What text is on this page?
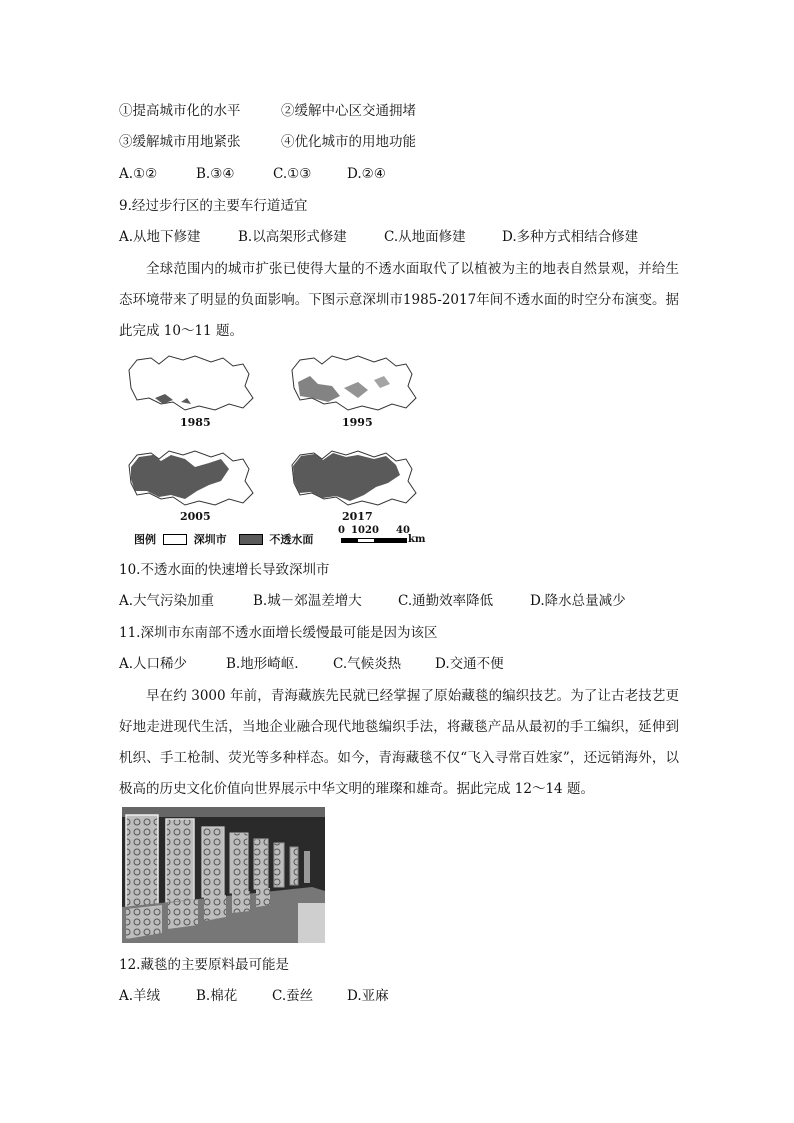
①提高城市化的水平	②缓解中心区交通拥堵
③缓解城市用地紧张	④优化城市的用地功能
A.①②	B.③④	C.①③	D.②④
9.经过步行区的主要车行道适宜
A.从地下修建	B.以高架形式修建	C.从地面修建	D.多种方式相结合修建
全球范围内的城市扩张已使得大量的不透水面取代了以植被为主的地表自然景观，并给生态环境带来了明显的负面影响。下图示意深圳市1985-2017年间不透水面的时空分布演变。据此完成 10～11 题。
1985	1995
2005	2017
图例	深圳市	不透水面
0 10 20 40
km
10.不透水面的快速增长导致深圳市
A.大气污染加重	B.城－郊温差增大	C.通勤效率降低	D.降水总量减少
11.深圳市东南部不透水面增长缓慢最可能是因为该区
A.人口稀少	B.地形崎岖.	C.气候炎热	D.交通不便
早在约 3000 年前，青海藏族先民就已经掌握了原始藏毯的编织技艺。为了让古老技艺更好地走进现代生活，当地企业融合现代地毯编织手法，将藏毯产品从最初的手工编织，延伸到机织、手工枪制、荧光等多种样态。如今，青海藏毯不仅“飞入寻常百姓家”，还远销海外，以极高的历史文化价值向世界展示中华文明的璀璨和雄奇。据此完成 12～14 题。
12.藏毯的主要原料最可能是
A.羊绒	B.棉花	C.蚕丝	D.亚麻
